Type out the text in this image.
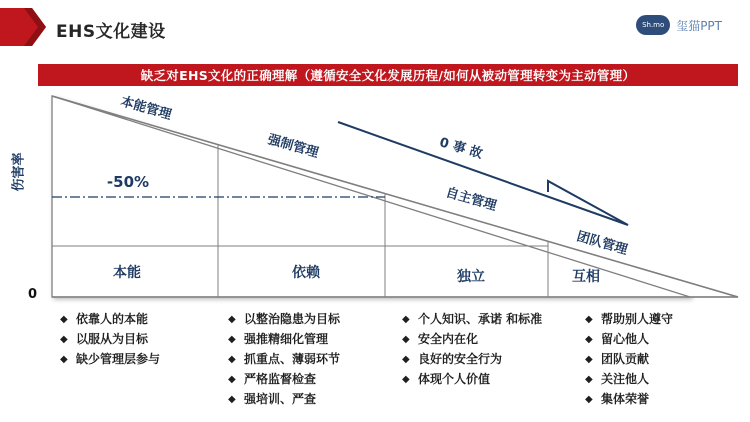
EHS文化建设	Sh.mo 玺猫PPT
缺乏对EHS文化的正确理解（遵循安全文化发展历程/如何从被动管理转变为主动管理）
本能管理
强制管理
自主管理
团队管理
0 事 故
-50%
本能	依赖	独立	互相
伤害率
0
◆ 依靠人的本能
◆ 以服从为目标
◆ 缺少管理层参与
◆ 以整治隐患为目标
◆ 强推精细化管理
◆ 抓重点、薄弱环节
◆ 严格监督检查
◆ 强培训、严查
◆ 个人知识、承诺 和标准
◆ 安全内在化
◆ 良好的安全行为
◆ 体现个人价值
◆ 帮助别人遵守
◆ 留心他人
◆ 团队贡献
◆ 关注他人
◆ 集体荣誉
